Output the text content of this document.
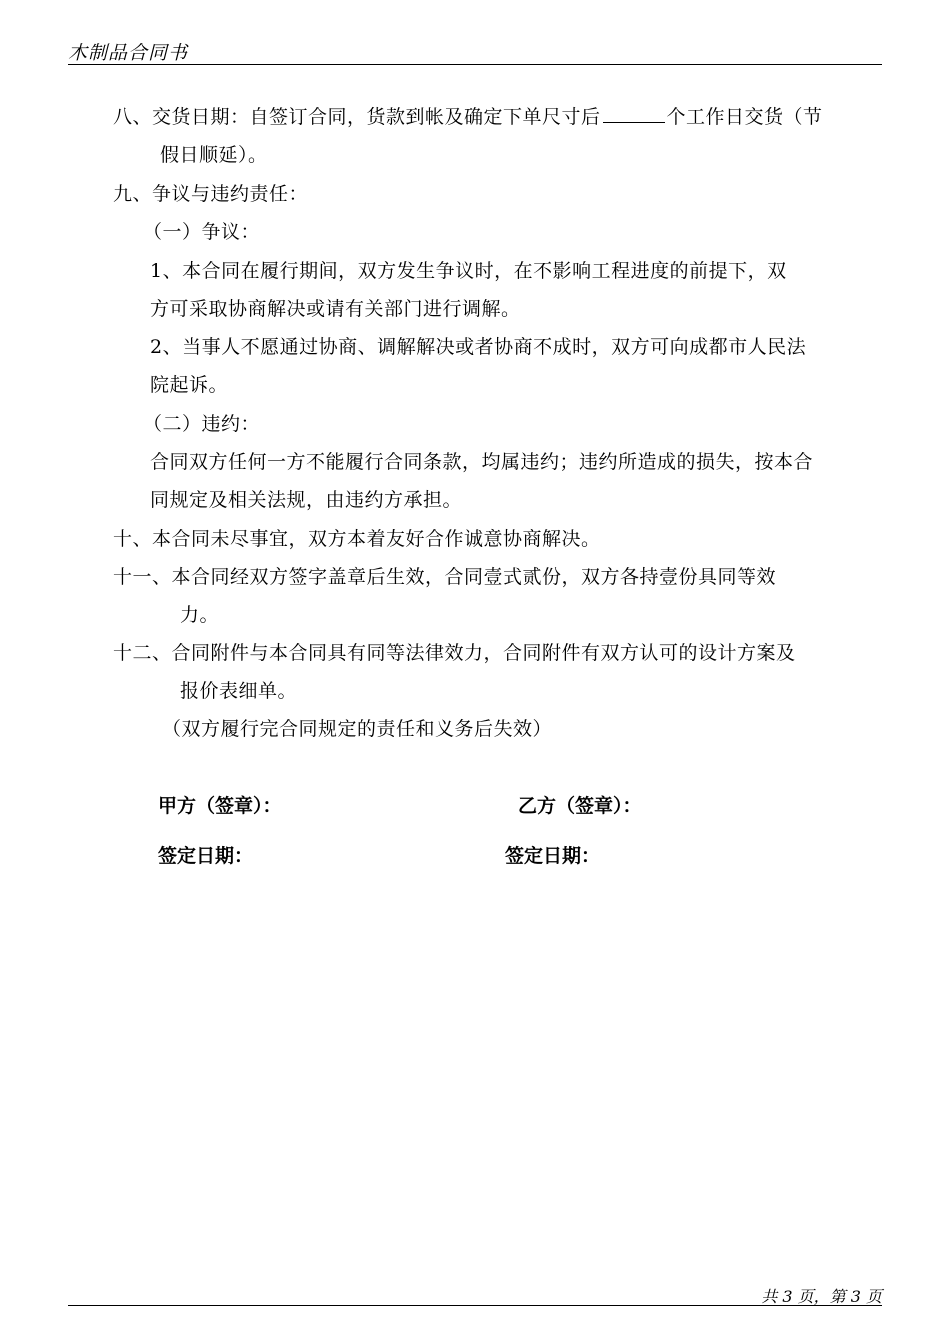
木制品合同书
八、交货日期：自签订合同，货款到帐及确定下单尺寸后	个工作日交货（节
假日顺延）。
九、争议与违约责任：
（一）争议：
1、本合同在履行期间，双方发生争议时，在不影响工程进度的前提下，双
方可采取协商解决或请有关部门进行调解。
2、当事人不愿通过协商、调解解决或者协商不成时，双方可向成都市人民法
院起诉。
（二）违约：
合同双方任何一方不能履行合同条款，均属违约；违约所造成的损失，按本合
同规定及相关法规，由违约方承担。
十、本合同未尽事宜，双方本着友好合作诚意协商解决。
十一、本合同经双方签字盖章后生效，合同壹式贰份，双方各持壹份具同等效
力。
十二、合同附件与本合同具有同等法律效力，合同附件有双方认可的设计方案及
报价表细单。
（双方履行完合同规定的责任和义务后失效）
甲方（签章）：	乙方（签章）：
签定日期：	签定日期：
共 3 页，第 3 页
